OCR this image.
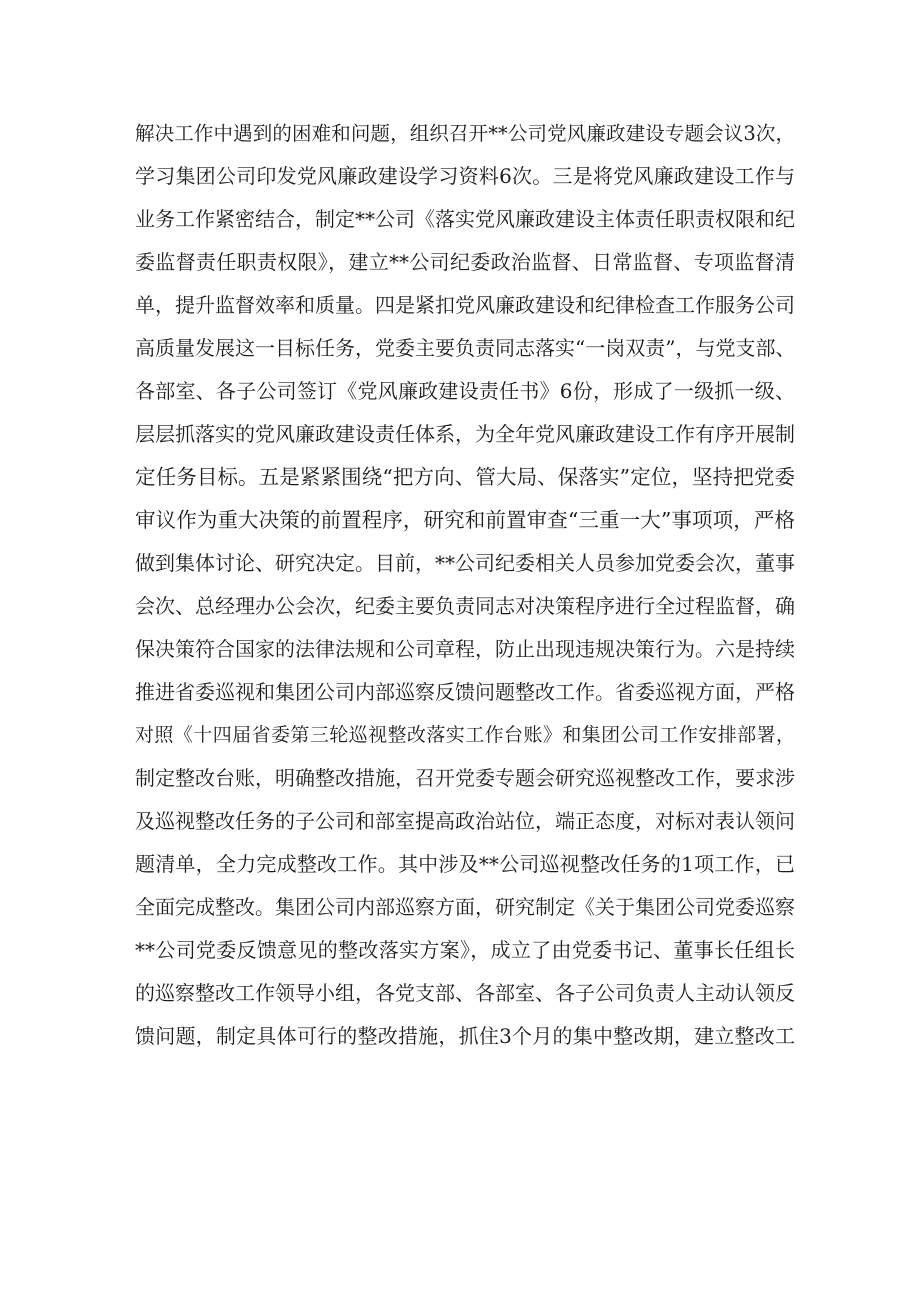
解决工作中遇到的困难和问题，组织召开**公司党风廉政建设专题会议3次，
学习集团公司印发党风廉政建设学习资料6次。三是将党风廉政建设工作与
业务工作紧密结合，制定**公司《落实党风廉政建设主体责任职责权限和纪
委监督责任职责权限》，建立**公司纪委政治监督、日常监督、专项监督清
单，提升监督效率和质量。四是紧扣党风廉政建设和纪律检查工作服务公司
高质量发展这一目标任务，党委主要负责同志落实“一岗双责”，与党支部、
各部室、各子公司签订《党风廉政建设责任书》6份，形成了一级抓一级、
层层抓落实的党风廉政建设责任体系，为全年党风廉政建设工作有序开展制
定任务目标。五是紧紧围绕“把方向、管大局、保落实”定位，坚持把党委
审议作为重大决策的前置程序，研究和前置审查“三重一大”事项项，严格
做到集体讨论、研究决定。目前，**公司纪委相关人员参加党委会次，董事
会次、总经理办公会次，纪委主要负责同志对决策程序进行全过程监督，确
保决策符合国家的法律法规和公司章程，防止出现违规决策行为。六是持续
推进省委巡视和集团公司内部巡察反馈问题整改工作。省委巡视方面，严格
对照《十四届省委第三轮巡视整改落实工作台账》和集团公司工作安排部署，
制定整改台账，明确整改措施，召开党委专题会研究巡视整改工作，要求涉
及巡视整改任务的子公司和部室提高政治站位，端正态度，对标对表认领问
题清单，全力完成整改工作。其中涉及**公司巡视整改任务的1项工作，已
全面完成整改。集团公司内部巡察方面，研究制定《关于集团公司党委巡察
**公司党委反馈意见的整改落实方案》，成立了由党委书记、董事长任组长
的巡察整改工作领导小组，各党支部、各部室、各子公司负责人主动认领反
馈问题，制定具体可行的整改措施，抓住3个月的集中整改期，建立整改工
